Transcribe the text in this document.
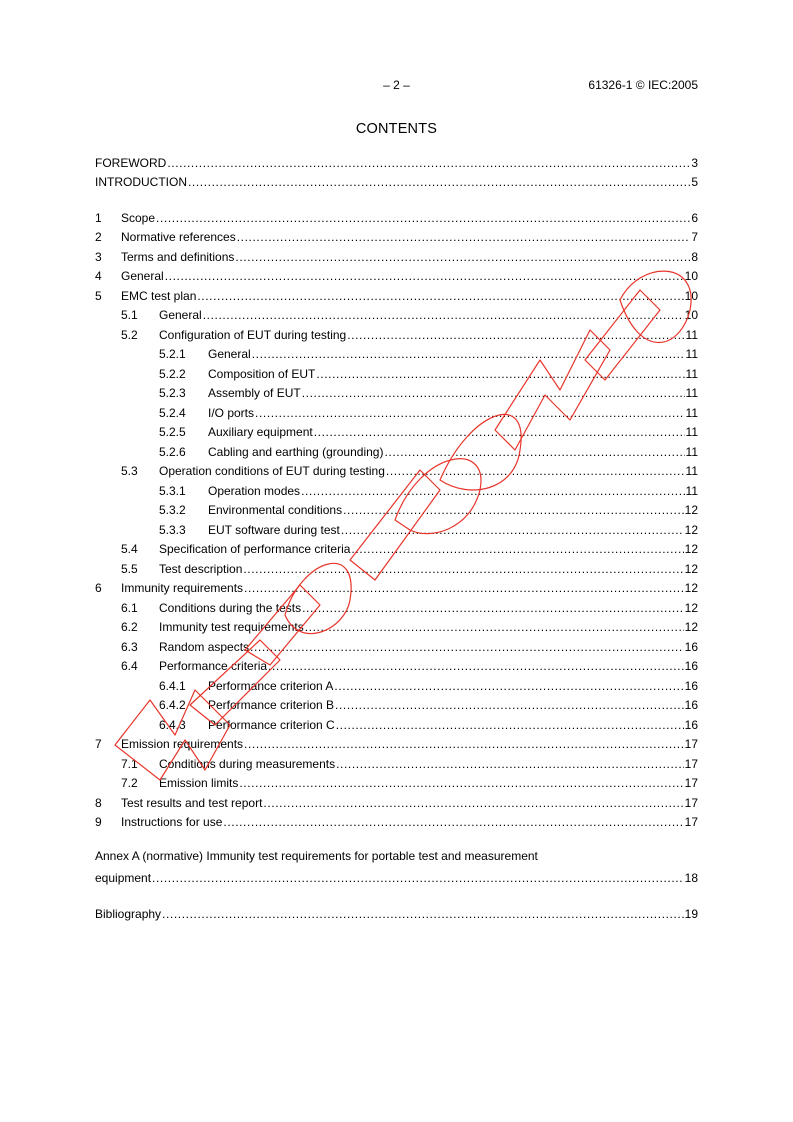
– 2 –	61326-1 © IEC:2005
CONTENTS
FOREWORD .....	3
INTRODUCTION .....	5
1	Scope .....	6
2	Normative references .....	7
3	Terms and definitions .....	8
4	General .....	10
5	EMC test plan .....	10
5.1	General .....	10
5.2	Configuration of EUT during testing .....	11
5.2.1	General .....	11
5.2.2	Composition of EUT .....	11
5.2.3	Assembly of EUT .....	11
5.2.4	I/O ports .....	11
5.2.5	Auxiliary equipment .....	11
5.2.6	Cabling and earthing (grounding) .....	11
5.3	Operation conditions of EUT during testing .....	11
5.3.1	Operation modes .....	11
5.3.2	Environmental conditions .....	12
5.3.3	EUT software during test .....	12
5.4	Specification of performance criteria .....	12
5.5	Test description .....	12
6	Immunity requirements .....	12
6.1	Conditions during the tests .....	12
6.2	Immunity test requirements .....	12
6.3	Random aspects .....	16
6.4	Performance criteria .....	16
6.4.1	Performance criterion A .....	16
6.4.2	Performance criterion B .....	16
6.4.3	Performance criterion C .....	16
7	Emission requirements .....	17
7.1	Conditions during measurements .....	17
7.2	Emission limits .....	17
8	Test results and test report .....	17
9	Instructions for use .....	17
Annex A (normative) Immunity test requirements for portable test and measurement
equipment .....	18
Bibliography .....	19
